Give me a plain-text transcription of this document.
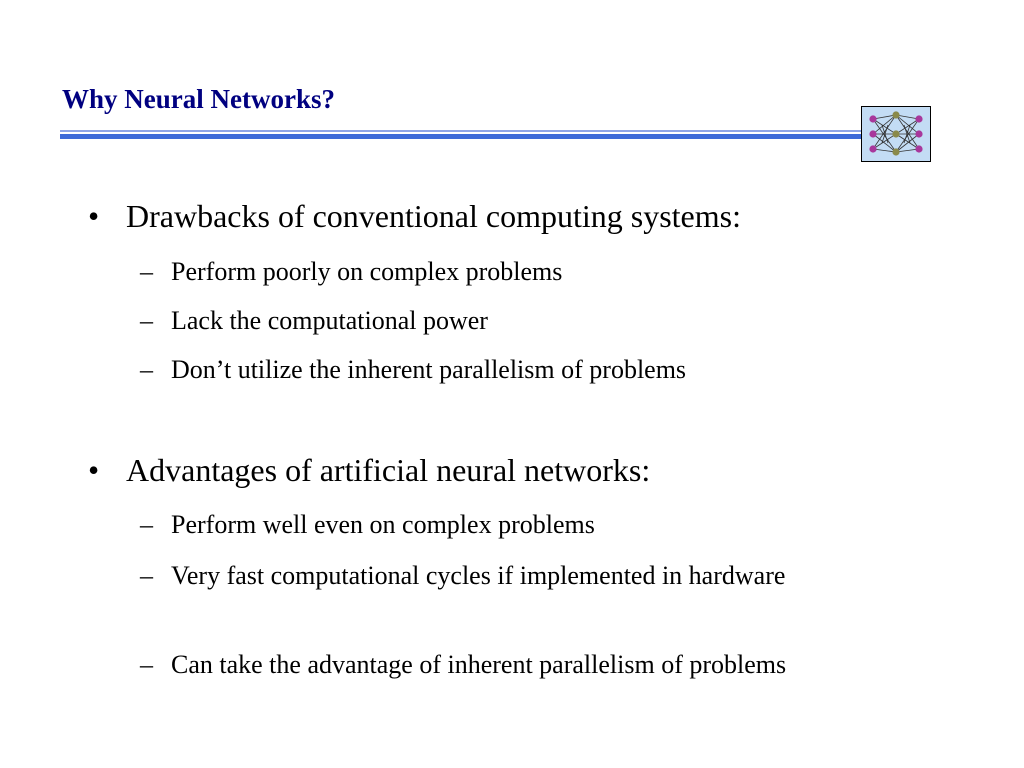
Why Neural Networks?
• Drawbacks of conventional computing systems:
– Perform poorly on complex problems
– Lack the computational power
– Don’t utilize the inherent parallelism of problems
• Advantages of artificial neural networks:
– Perform well even on complex problems
– Very fast computational cycles if implemented in hardware
– Can take the advantage of inherent parallelism of problems
